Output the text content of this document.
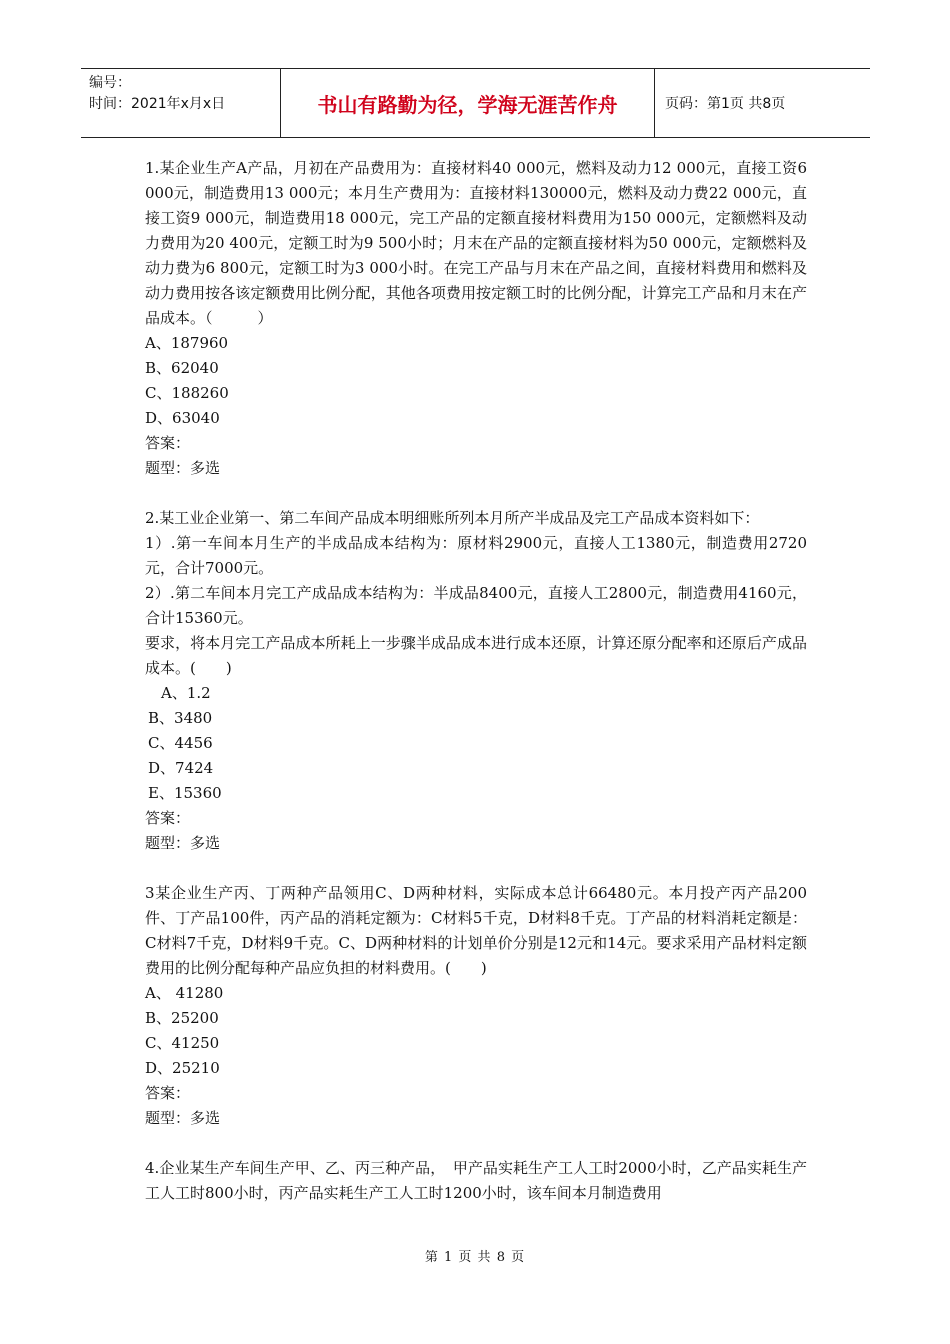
编号：
时间：2021年x月x日	书山有路勤为径，学海无涯苦作舟	页码：第1页 共8页

1.某企业生产A产品，月初在产品费用为：直接材料40 000元，燃料及动力12 000元，直接工资6 000元，制造费用13 000元；本月生产费用为：直接材料130000元，燃料及动力费22 000元，直接工资9 000元，制造费用18 000元，完工产品的定额直接材料费用为150 000元，定额燃料及动力费用为20 400元，定额工时为9 500小时；月末在产品的定额直接材料为50 000元，定额燃料及动力费为6 800元，定额工时为3 000小时。在完工产品与月末在产品之间，直接材料费用和燃料及动力费用按各该定额费用比例分配，其他各项费用按定额工时的比例分配，计算完工产品和月末在产品成本。（　　　）

A、187960

B、62040

C、188260

D、63040

答案：

题型：多选

2.某工业企业第一、第二车间产品成本明细账所列本月所产半成品及完工产品成本资料如下：

1）.第一车间本月生产的半成品成本结构为：原材料2900元，直接人工1380元，制造费用2720元，合计7000元。

2）.第二车间本月完工产成品成本结构为：半成品8400元，直接人工2800元，制造费用4160元，合计15360元。

要求，将本月完工产品成本所耗上一步骤半成品成本进行成本还原，计算还原分配率和还原后产成品成本。(　　)

A、1.2

B、3480

C、4456

D、7424

E、15360

答案：

题型：多选

3某企业生产丙、丁两种产品领用C、D两种材料，实际成本总计66480元。本月投产丙产品200件、丁产品100件，丙产品的消耗定额为：C材料5千克，D材料8千克。丁产品的材料消耗定额是：C材料7千克，D材料9千克。C、D两种材料的计划单价分别是12元和14元。要求采用产品材料定额费用的比例分配每种产品应负担的材料费用。(　　)

A、 41280

B、25200

C、41250

D、25210

答案：

题型：多选

4.企业某生产车间生产甲、乙、丙三种产品，　甲产品实耗生产工人工时2000小时，乙产品实耗生产工人工时800小时，丙产品实耗生产工人工时1200小时，该车间本月制造费用

第 1 页 共 8 页
